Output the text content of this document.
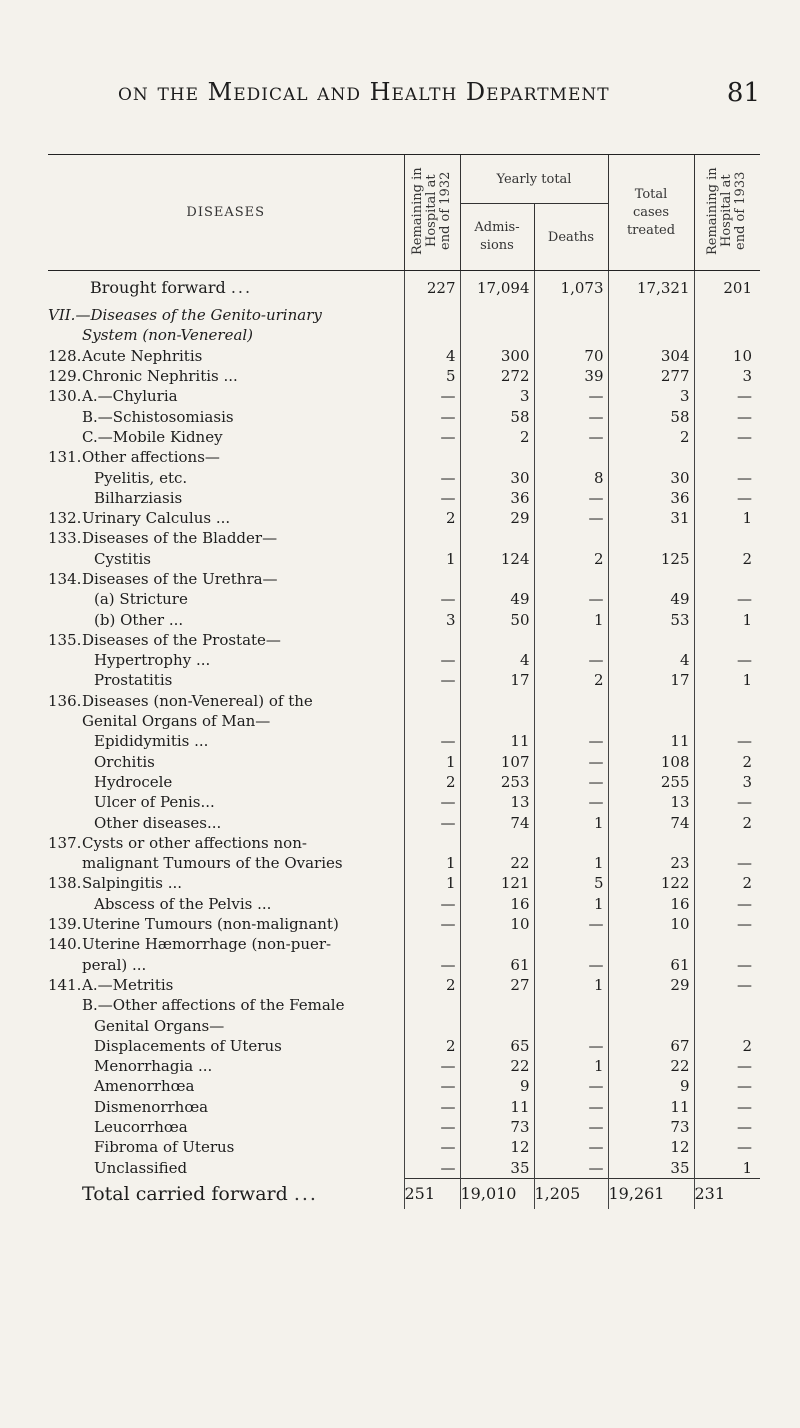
on the Medical and Health Department	81
DISEASES	Remaining in Hospital at end of 1932	Yearly total		Total cases treated	Remaining in Hospital at end of 1933
		Admis-sions	Deaths		
Brought forward ...	227	17,094	1,073	17,321	201
VII.—Diseases of the Genito-urinary					
System (non-Venereal)					
128.Acute Nephritis	4	300	70	304	10
129.Chronic Nephritis ...	5	272	39	277	3
130.A.—Chyluria	—	3	—	3	—
B.—Schistosomiasis	—	58	—	58	—
C.—Mobile Kidney	—	2	—	2	—
131.Other affections—					
Pyelitis, etc.	—	30	8	30	—
Bilharziasis	—	36	—	36	—
132.Urinary Calculus ...	2	29	—	31	1
133.Diseases of the Bladder—					
Cystitis	1	124	2	125	2
134.Diseases of the Urethra—					
(a) Stricture	—	49	—	49	—
(b) Other ...	3	50	1	53	1
135.Diseases of the Prostate—					
Hypertrophy ...	—	4	—	4	—
Prostatitis	—	17	2	17	1
136.Diseases (non-Venereal) of the					
Genital Organs of Man—					
Epididymitis ...	—	11	—	11	—
Orchitis	1	107	—	108	2
Hydrocele	2	253	—	255	3
Ulcer of Penis...	—	13	—	13	—
Other diseases...	—	74	1	74	2
137.Cysts or other affections non-					
malignant Tumours of the Ovaries	1	22	1	23	—
138.Salpingitis ...	1	121	5	122	2
Abscess of the Pelvis ...	—	16	1	16	—
139.Uterine Tumours (non-malignant)	—	10	—	10	—
140.Uterine Hæmorrhage (non-puer-					
peral) ...	—	61	—	61	—
141.A.—Metritis	2	27	1	29	—
B.—Other affections of the Female					
Genital Organs—					
Displacements of Uterus	2	65	—	67	2
Menorrhagia ...	—	22	1	22	—
Amenorrhœa	—	9	—	9	—
Dismenorrhœa	—	11	—	11	—
Leucorrhœa	—	73	—	73	—
Fibroma of Uterus	—	12	—	12	—
Unclassified	—	35	—	35	1
Total carried forward ...	251	19,010	1,205	19,261	231
